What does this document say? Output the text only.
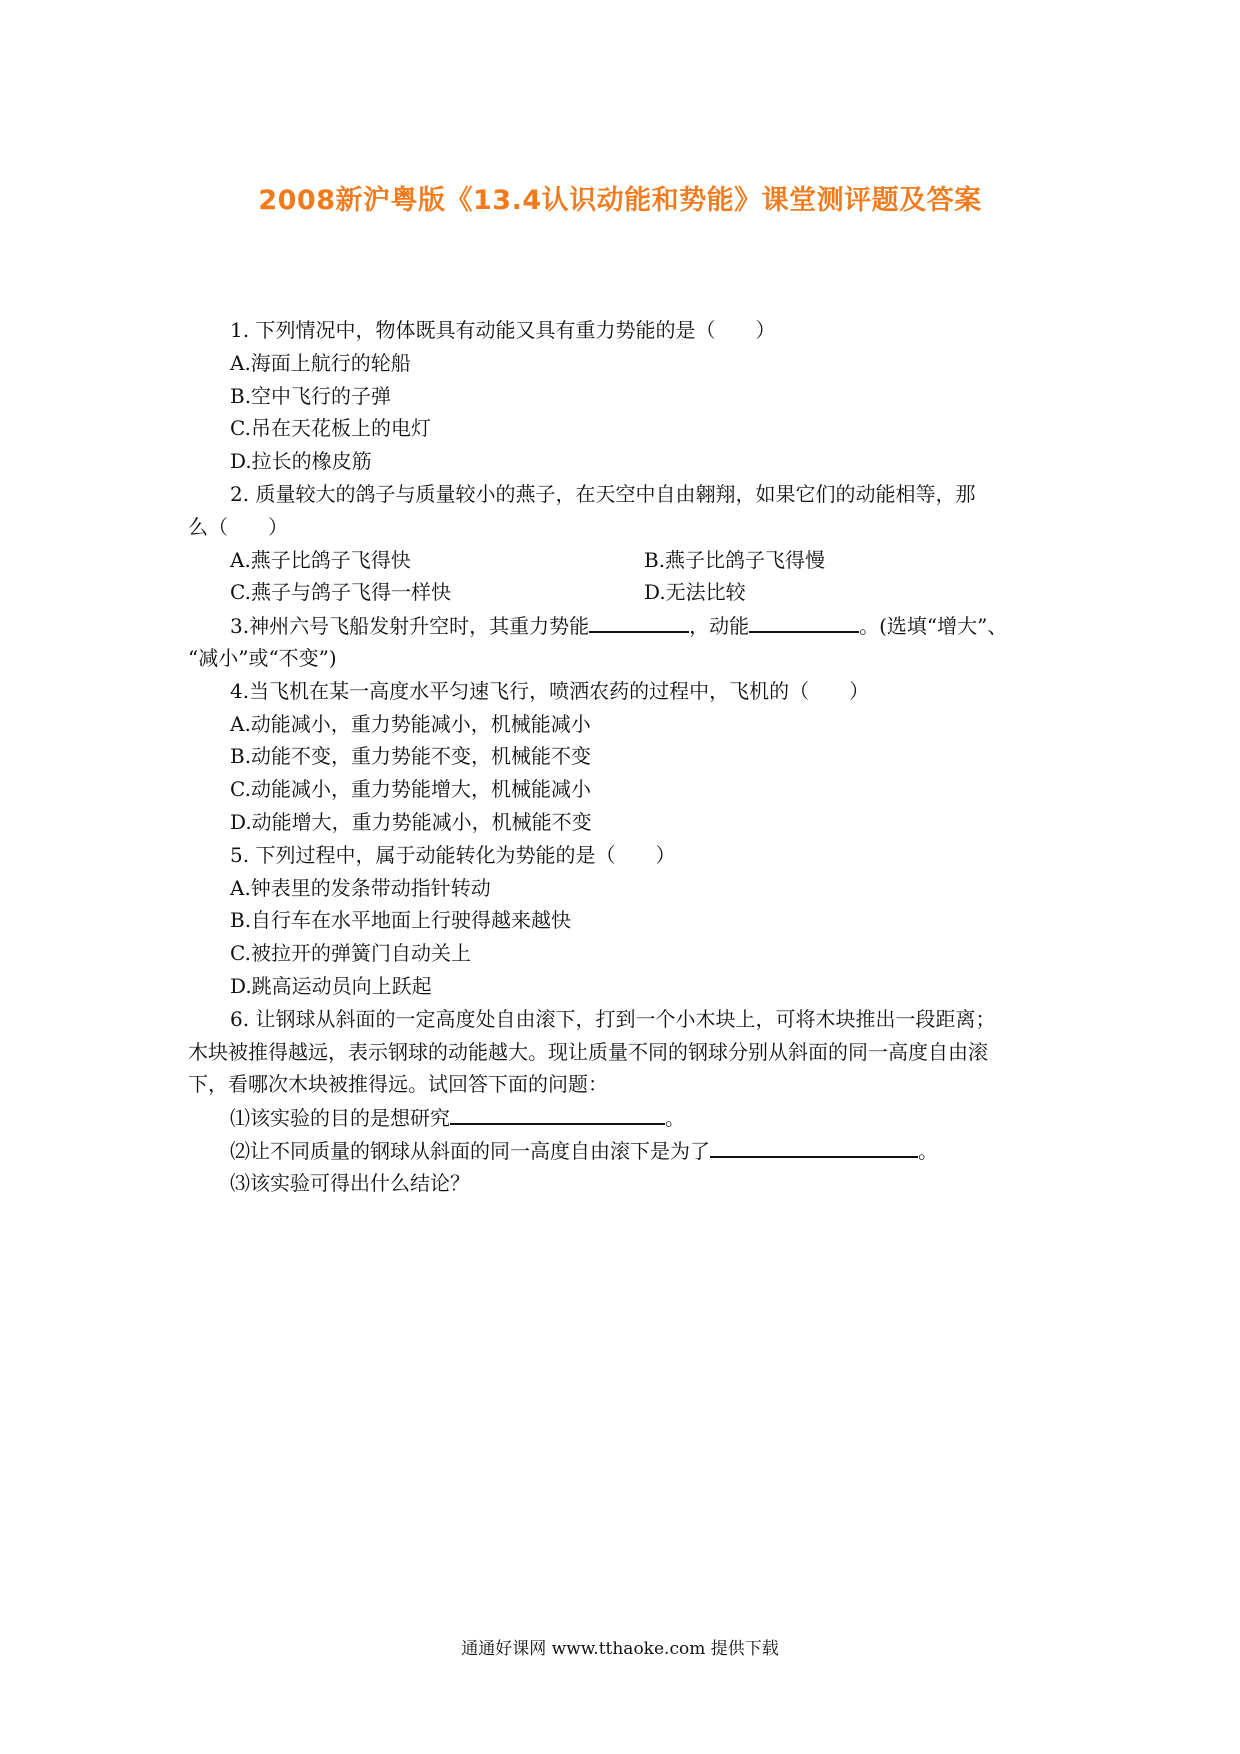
2008新沪粤版《13.4认识动能和势能》课堂测评题及答案
1. 下列情况中，物体既具有动能又具有重力势能的是（　　）
A.海面上航行的轮船
B.空中飞行的子弹
C.吊在天花板上的电灯
D.拉长的橡皮筋
2. 质量较大的鸽子与质量较小的燕子，在天空中自由翱翔，如果它们的动能相等，那
么（　　）
A.燕子比鸽子飞得快	B.燕子比鸽子飞得慢
C.燕子与鸽子飞得一样快	D.无法比较
3.神州六号飞船发射升空时，其重力势能	，动能	。(选填“增大”、
“减小”或“不变”)
4.当飞机在某一高度水平匀速飞行，喷洒农药的过程中，飞机的（　　）
A.动能减小，重力势能减小，机械能减小
B.动能不变，重力势能不变，机械能不变
C.动能减小，重力势能增大，机械能减小
D.动能增大，重力势能减小，机械能不变
5. 下列过程中，属于动能转化为势能的是（　　）
A.钟表里的发条带动指针转动
B.自行车在水平地面上行驶得越来越快
C.被拉开的弹簧门自动关上
D.跳高运动员向上跃起
6. 让钢球从斜面的一定高度处自由滚下，打到一个小木块上，可将木块推出一段距离；
木块被推得越远，表示钢球的动能越大。现让质量不同的钢球分别从斜面的同一高度自由滚
下，看哪次木块被推得远。试回答下面的问题：
⑴该实验的目的是想研究	。
⑵让不同质量的钢球从斜面的同一高度自由滚下是为了	。
⑶该实验可得出什么结论？
通通好课网 www.tthaoke.com 提供下载
